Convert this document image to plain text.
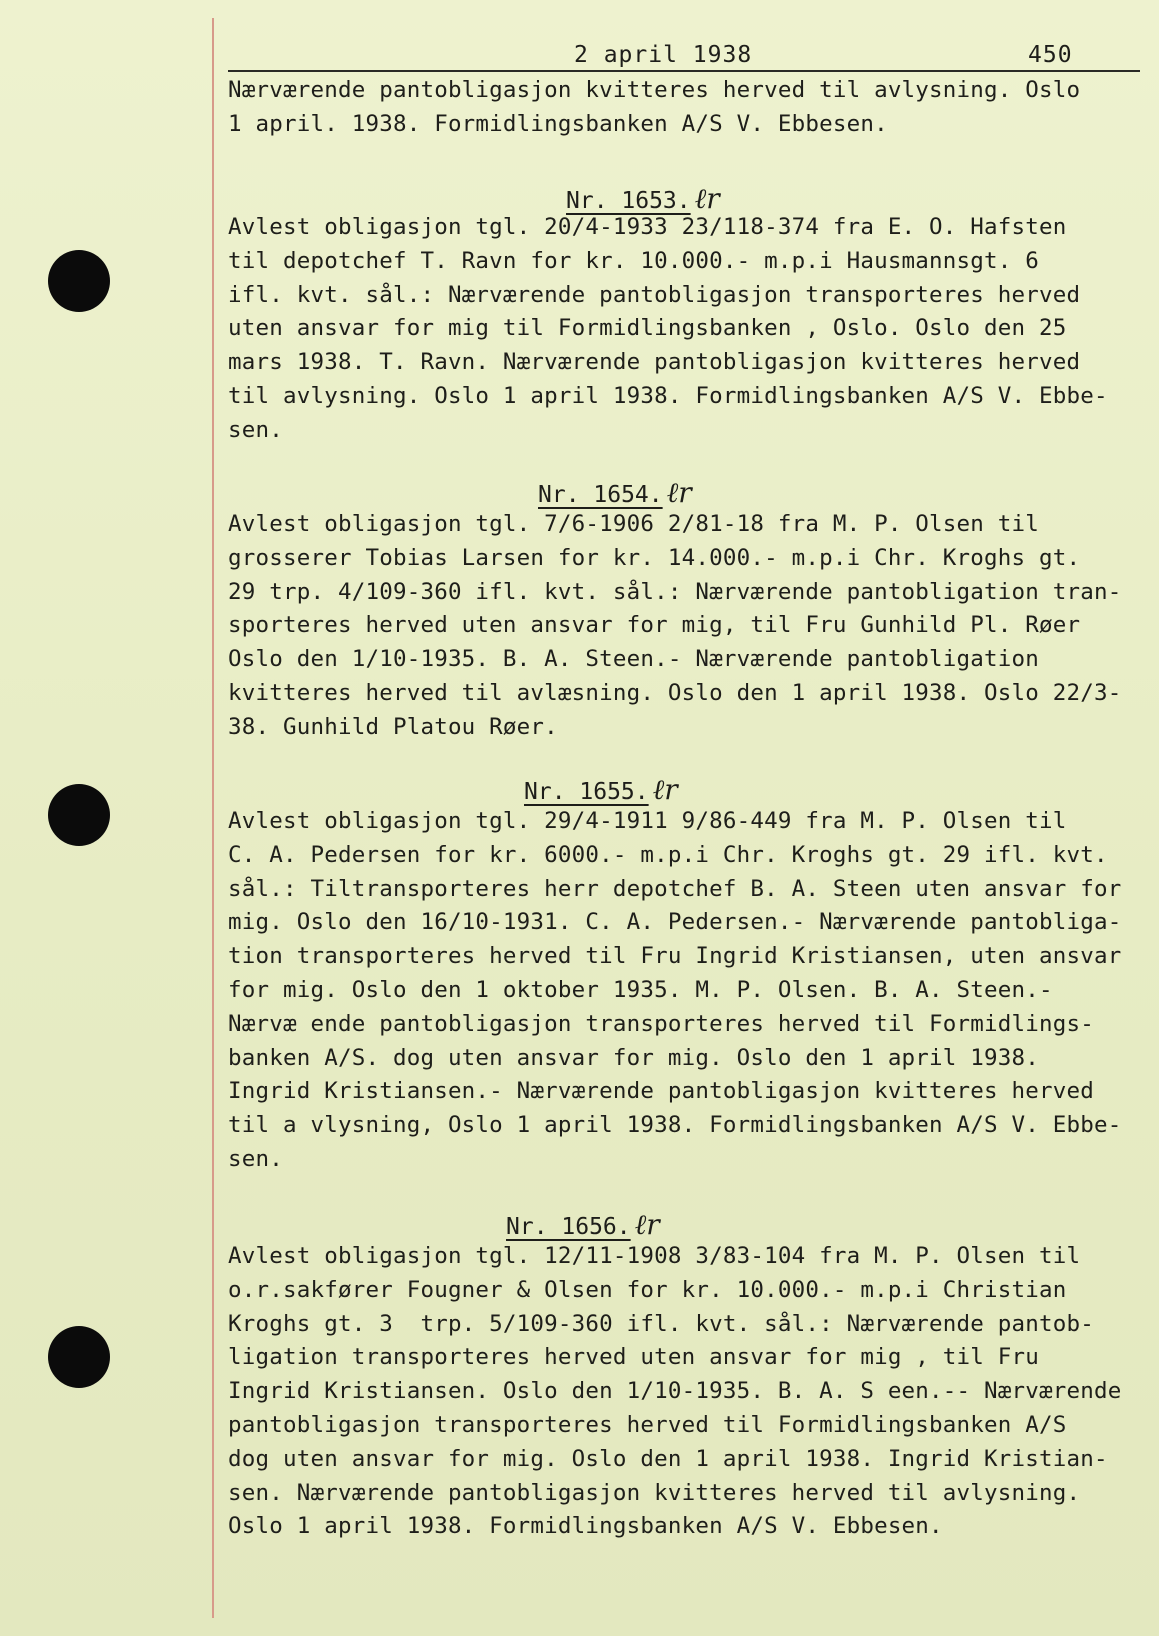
2 april 1938	450
Nærværende pantobligasjon kvitteres herved til avlysning. Oslo
1 april. 1938. Formidlingsbanken A/S V. Ebbesen.
Nr. 1653. ℓr
Avlest obligasjon tgl. 20/4-1933 23/118-374 fra E. O. Hafsten
til depotchef T. Ravn for kr. 10.000.- m.p.i Hausmannsgt. 6
ifl. kvt. sål.: Nærværende pantobligasjon transporteres herved
uten ansvar for mig til Formidlingsbanken , Oslo. Oslo den 25
mars 1938. T. Ravn. Nærværende pantobligasjon kvitteres herved
til avlysning. Oslo 1 april 1938. Formidlingsbanken A/S V. Ebbe-
sen.
Nr. 1654. ℓr
Avlest obligasjon tgl. 7/6-1906 2/81-18 fra M. P. Olsen til
grosserer Tobias Larsen for kr. 14.000.- m.p.i Chr. Kroghs gt.
29 trp. 4/109-360 ifl. kvt. sål.: Nærværende pantobligation tran-
sporteres herved uten ansvar for mig, til Fru Gunhild Pl. Røer
Oslo den 1/10-1935. B. A. Steen.- Nærværende pantobligation
kvitteres herved til avlæsning. Oslo den 1 april 1938. Oslo 22/3-
38. Gunhild Platou Røer.
Nr. 1655. ℓr
Avlest obligasjon tgl. 29/4-1911 9/86-449 fra M. P. Olsen til
C. A. Pedersen for kr. 6000.- m.p.i Chr. Kroghs gt. 29 ifl. kvt.
sål.: Tiltransporteres herr depotchef B. A. Steen uten ansvar for
mig. Oslo den 16/10-1931. C. A. Pedersen.- Nærværende pantobliga-
tion transporteres herved til Fru Ingrid Kristiansen, uten ansvar
for mig. Oslo den 1 oktober 1935. M. P. Olsen. B. A. Steen.-
Nærvæ ende pantobligasjon transporteres herved til Formidlings-
banken A/S. dog uten ansvar for mig. Oslo den 1 april 1938.
Ingrid Kristiansen.- Nærværende pantobligasjon kvitteres herved
til a vlysning, Oslo 1 april 1938. Formidlingsbanken A/S V. Ebbe-
sen.
Nr. 1656. ℓr
Avlest obligasjon tgl. 12/11-1908 3/83-104 fra M. P. Olsen til
o.r.sakfører Fougner & Olsen for kr. 10.000.- m.p.i Christian
Kroghs gt. 3  trp. 5/109-360 ifl. kvt. sål.: Nærværende pantob-
ligation transporteres herved uten ansvar for mig , til Fru
Ingrid Kristiansen. Oslo den 1/10-1935. B. A. S een.-- Nærværende
pantobligasjon transporteres herved til Formidlingsbanken A/S
dog uten ansvar for mig. Oslo den 1 april 1938. Ingrid Kristian-
sen. Nærværende pantobligasjon kvitteres herved til avlysning.
Oslo 1 april 1938. Formidlingsbanken A/S V. Ebbesen.
